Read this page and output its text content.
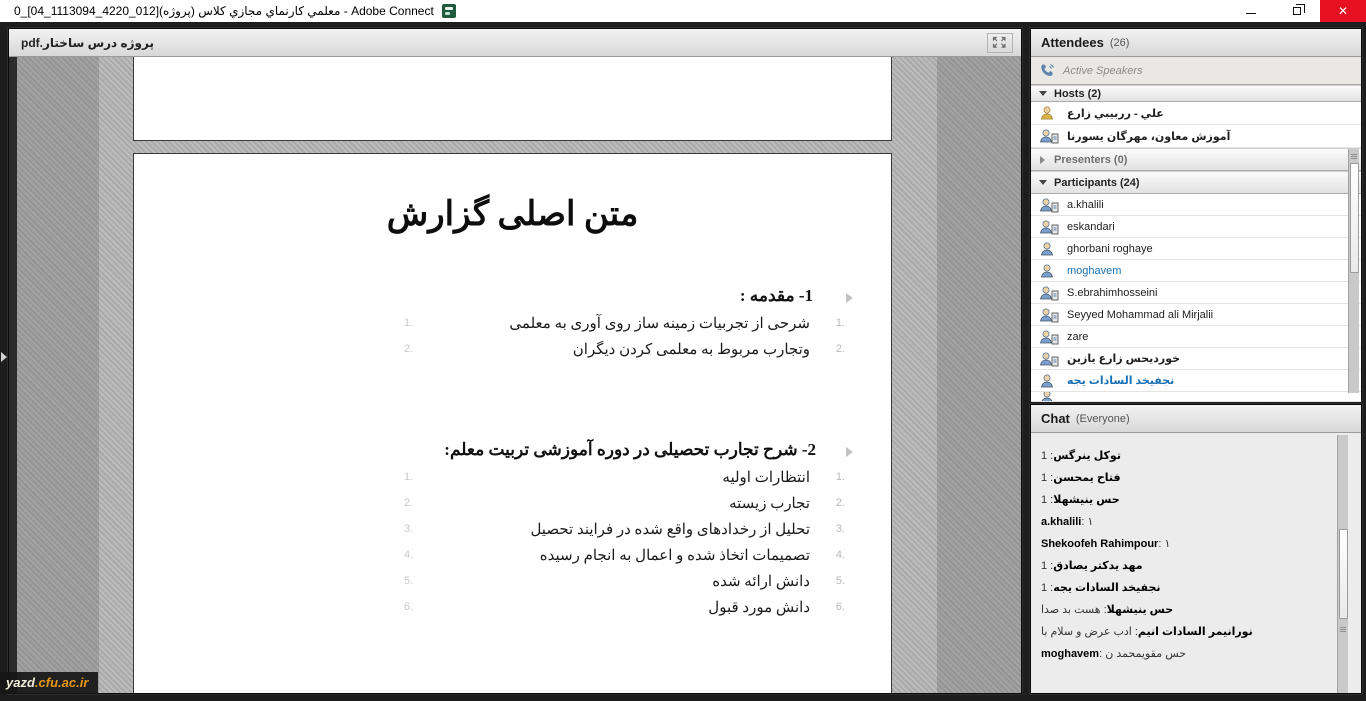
0_[04_1113094_4220_012](پروژه) معلمي كارنماي مجازي كلاس - Adobe Connect	✕
پروژه درس ساختار.pdf
متن اصلی گزارش
1- مقدمه :
1.
1.	شرحی از تجربیات زمینه ساز روی آوری به معلمی
2.
2.	وتجارب مربوط به معلمی کردن دیگران
2- شرح تجارب تحصیلی در دوره آموزشی تربیت معلم:
1.
1.	انتظارات اولیه
2.
2.	تجارب زیسته
3.
3.	تحلیل از رخدادهای واقع شده در فرایند تحصیل
4.
4.	تصمیمات اتخاذ شده و اعمال به انجام رسیده
5.
5.	دانش ارائه شده
6.
6.	دانش مورد قبول
Attendees (26)
Active Speakers
Hosts (2)
علي - رربیبي زارع
آموزش معاون، مهرگان یسورنا
Presenters (0)
Participants (24)
a.khalili
eskandari
ghorbani roghaye
moghavem
S.ebrahimhosseini
Seyyed Mohammad ali Mirjalii
zare
خوردیحس زارع یازین
نجفیخد السادات یجه
Chat (Everyone)
توکل ینرگس: 1
فتاح یمحسن: 1
حس ینیشهلا: 1
a.khalili: ۱
Shekoofeh Rahimpour: ۱
مهد یدکتر یصادق: 1
نجفیخد السادات یجه: 1
حس ینیشهلا: هست بد صدا
نورانیمر السادات انیم: ادب عرض و سلام با
moghavem: حس مقویمحمد ن
yazd.cfu.ac.ir
